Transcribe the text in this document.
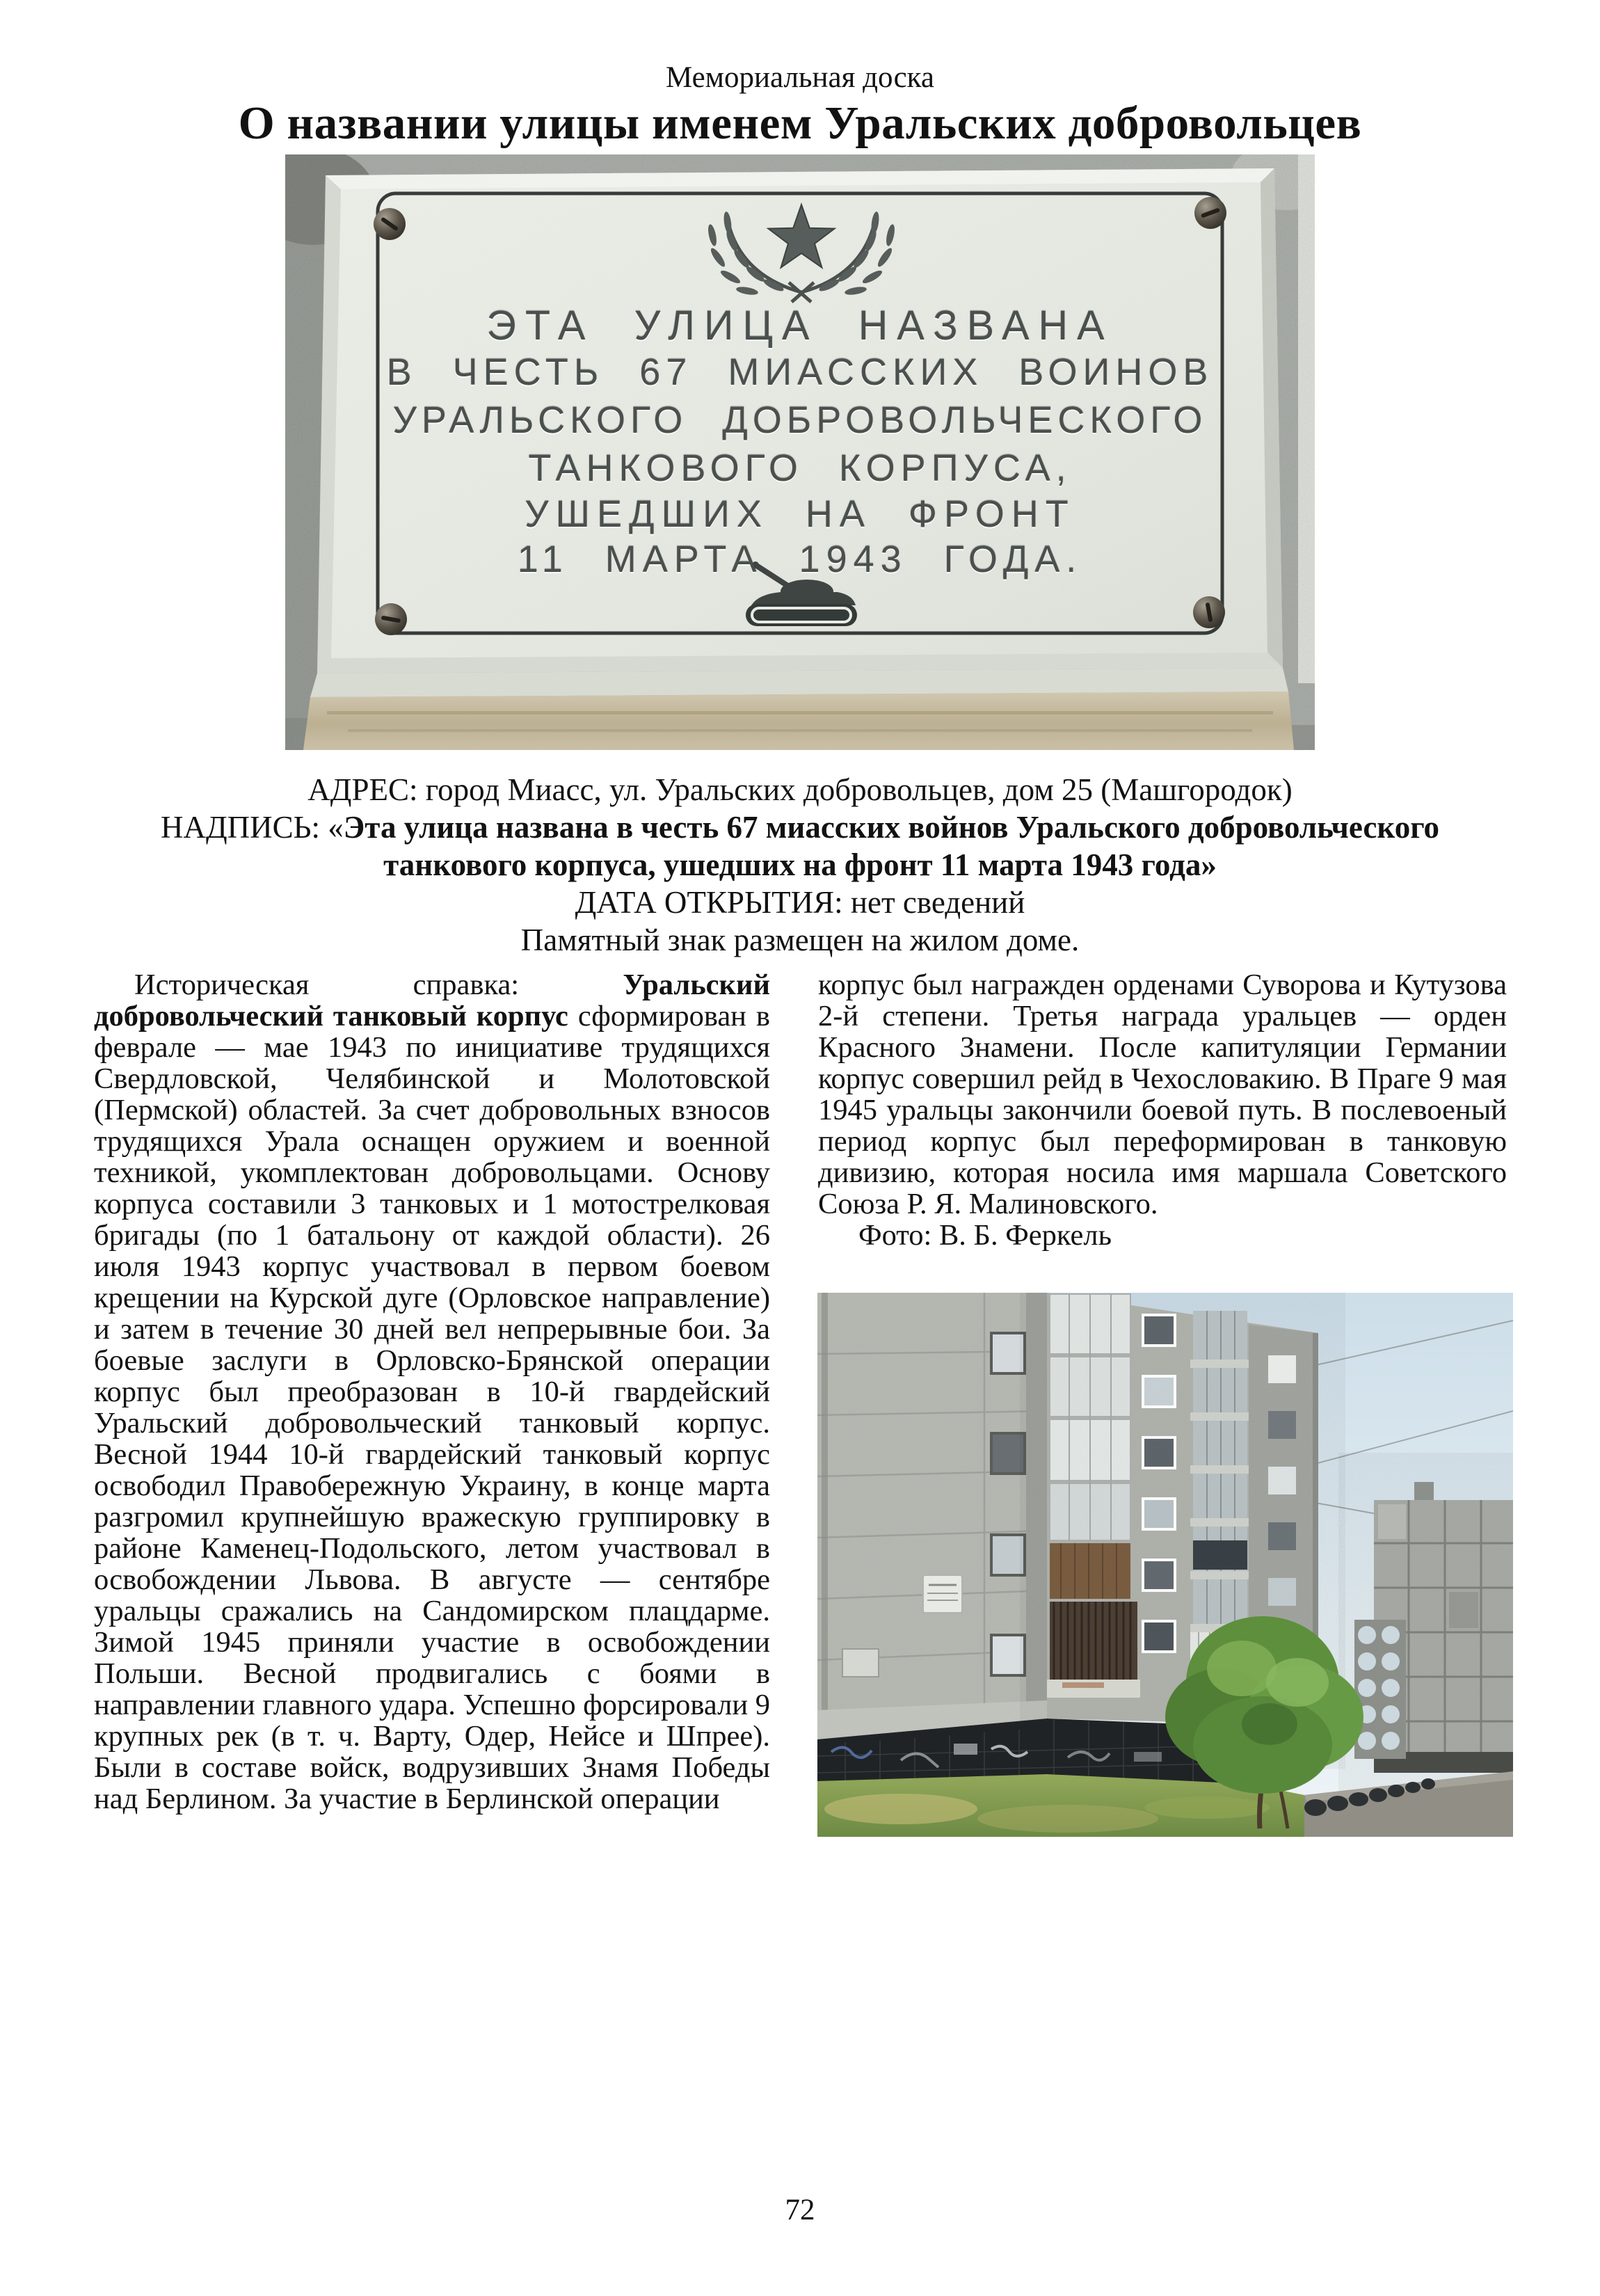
Мемориальная доска
О названии улицы именем Уральских добровольцев
ЭТА УЛИЦА НАЗВАНА
В ЧЕСТЬ 67 МИАССКИХ ВОИНОВ
УРАЛЬСКОГО ДОБРОВОЛЬЧЕСКОГО
ТАНКОВОГО КОРПУСА,
УШЕДШИХ НА ФРОНТ
11 МАРТА 1943 ГОДА.
АДРЕС: город Миасс, ул. Уральских добровольцев, дом 25 (Машгородок)
НАДПИСЬ: «Эта улица названа в честь 67 миасских войнов Уральского добровольческого
танкового корпуса, ушедших на фронт 11 марта 1943 года»
ДАТА ОТКРЫТИЯ: нет сведений
Памятный знак размещен на жилом доме.

Историческая справка: Уральский добровольческий танковый корпус сформирован в феврале — мае 1943 по инициативе трудящихся Свердловской, Челябинской и Молотовской (Пермской) областей. За счет добровольных взносов трудящихся Урала оснащен оружием и военной техникой, укомплектован добровольцами. Основу корпуса составили 3 танковых и 1 мотострелковая бригады (по 1 батальону от каждой области). 26 июля 1943 корпус участвовал в первом боевом крещении на Курской дуге (Орловское направление) и затем в течение 30 дней вел непрерывные бои. За боевые заслуги в Орловско-Брянской операции корпус был преобразован в 10-й гвардейский Уральский добровольческий танковый корпус. Весной 1944 10-й гвардейский танковый корпус освободил Правобережную Украину, в конце марта разгромил крупнейшую вражескую группировку в районе Каменец-Подольского, летом участвовал в освобождении Львова. В августе — сентябре уральцы сражались на Сандомирском плацдарме. Зимой 1945 приняли участие в освобождении Польши. Весной продвигались с боями в направлении главного удара. Успешно форсировали 9 крупных рек (в т. ч. Варту, Одер, Нейсе и Шпрее). Были в составе войск, водрузивших Знамя Победы над Берлином. За участие в Берлинской операции

корпус был награжден орденами Суворова и Кутузова 2-й степени. Третья награда уральцев — орден Красного Знамени. После капитуляции Германии корпус совершил рейд в Чехословакию. В Праге 9 мая 1945 уральцы закончили боевой путь. В послевоеный период корпус был переформирован в танковую дивизию, которая носила имя маршала Советского Союза Р. Я. Малиновского.

Фото: В. Б. Феркель

72
